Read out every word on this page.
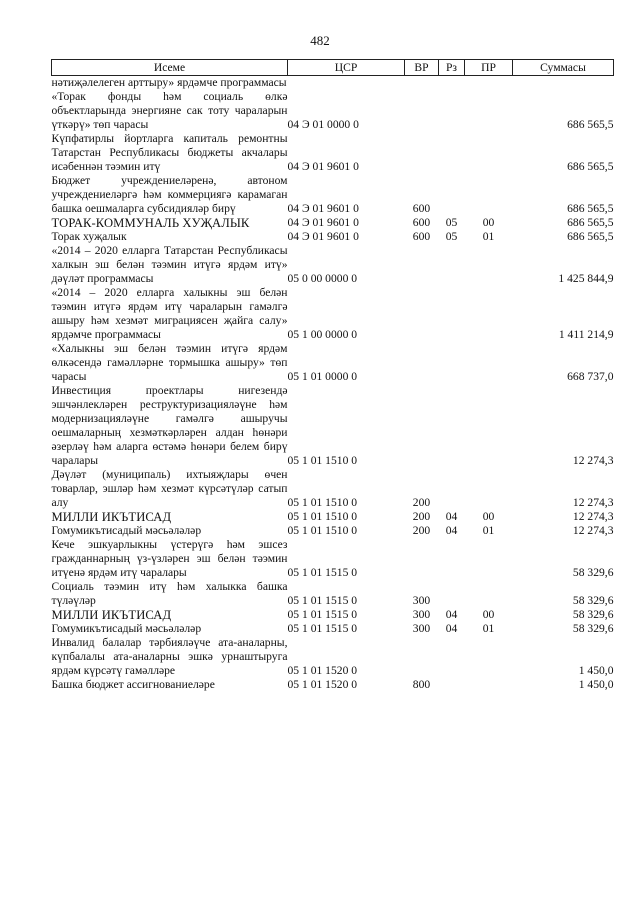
482
Исеме	ЦСР	ВР	Рз	ПР	Суммасы
нәтиҗәлелеген арттыру» ярдәмче программасы					
«Торак фонды һәм социаль өлкә объектларында энергияне сак тоту чараларын үткәрү» төп чарасы	04 Э 01 0000 0				686 565,5
Күпфатирлы йортларга капиталь ремонтны Татарстан Республикасы бюджеты акчалары исәбеннән тәэмин итү	04 Э 01 9601 0				686 565,5
Бюджет учреждениеләренә, автоном учреждениеләргә һәм коммерциягә карамаган башка оешмаларга субсидияләр бирү	04 Э 01 9601 0	600			686 565,5
ТОРАК-КОММУНАЛЬ ХУҖАЛЫК	04 Э 01 9601 0	600	05	00	686 565,5
Торак хуҗалык	04 Э 01 9601 0	600	05	01	686 565,5
«2014 – 2020 елларга Татарстан Республикасы халкын эш белән тәэмин итүгә ярдәм итү» дәүләт программасы	05 0 00 0000 0				1 425 844,9
«2014 – 2020 елларга халыкны эш белән тәэмин итүгә ярдәм итү чараларын гамәлгә ашыру һәм хезмәт миграциясен җайга салу» ярдәмче программасы	05 1 00 0000 0				1 411 214,9
«Халыкны эш белән тәэмин итүгә ярдәм өлкәсендә гамәлләрне тормышка ашыру» төп чарасы	05 1 01 0000 0				668 737,0
Инвестиция проектлары нигезендә эшчәнлекләрен реструктуризацияләүне һәм модернизацияләүне гамәлгә ашыручы оешмаларның хезмәткәрләрен алдан һөнәри әзерләү һәм аларга өстәмә һөнәри белем бирү чаралары	05 1 01 1510 0				12 274,3
Дәүләт (муниципаль) ихтыяҗлары өчен товарлар, эшләр һәм хезмәт күрсәтүләр сатып алу	05 1 01 1510 0	200			12 274,3
МИЛЛИ ИКЪТИСАД	05 1 01 1510 0	200	04	00	12 274,3
Гомумикътисадый мәсьәләләр	05 1 01 1510 0	200	04	01	12 274,3
Кече эшкуарлыкны үстерүгә һәм эшсез гражданнарның үз-үзләрен эш белән тәэмин итүенә ярдәм итү чаралары	05 1 01 1515 0				58 329,6
Социаль тәэмин итү һәм халыкка башка түләүләр	05 1 01 1515 0	300			58 329,6
МИЛЛИ ИКЪТИСАД	05 1 01 1515 0	300	04	00	58 329,6
Гомумикътисадый мәсьәләләр	05 1 01 1515 0	300	04	01	58 329,6
Инвалид балалар тәрбияләүче ата-аналарны, күпбалалы ата-аналарны эшкә урнаштыруга ярдәм күрсәтү гамәлләре	05 1 01 1520 0				1 450,0
Башка бюджет ассигнованиеләре	05 1 01 1520 0	800			1 450,0
